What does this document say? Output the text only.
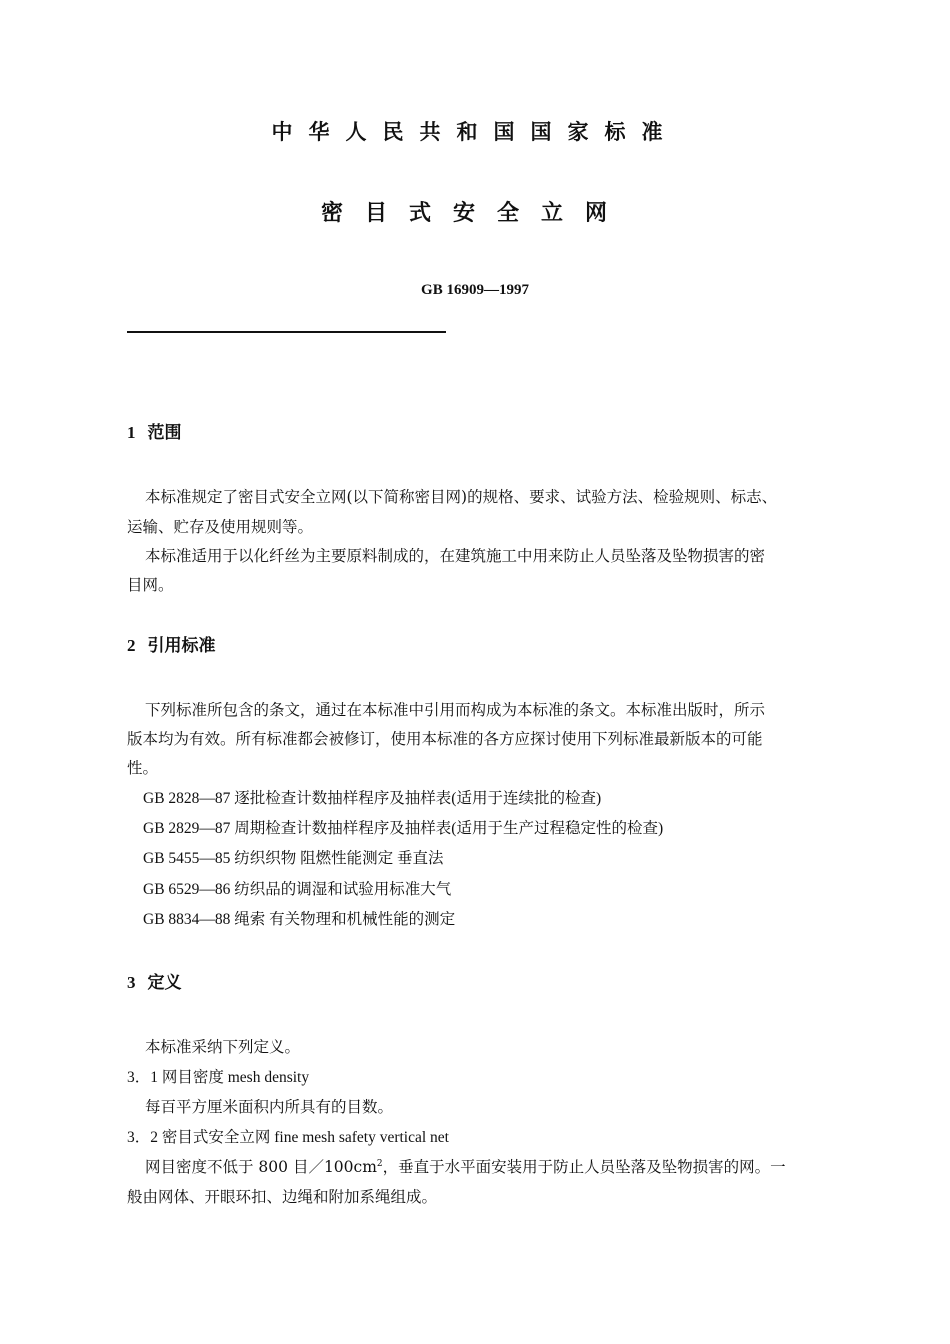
中华人民共和国国家标准
密目式安全立网
GB 16909—1997
1 范围
本标准规定了密目式安全立网(以下简称密目网)的规格、要求、试验方法、检验规则、标志、
运输、贮存及使用规则等。
本标准适用于以化纤丝为主要原料制成的，在建筑施工中用来防止人员坠落及坠物损害的密
目网。
2 引用标准
下列标准所包含的条文，通过在本标准中引用而构成为本标准的条文。本标准出版时，所示
版本均为有效。所有标准都会被修订，使用本标准的各方应探讨使用下列标准最新版本的可能
性。
GB 2828—87 逐批检查计数抽样程序及抽样表(适用于连续批的检查)
GB 2829—87 周期检查计数抽样程序及抽样表(适用于生产过程稳定性的检查)
GB 5455—85 纺织织物 阻燃性能测定 垂直法
GB 6529—86 纺织品的调湿和试验用标准大气
GB 8834—88 绳索 有关物理和机械性能的测定
3 定义
本标准采纳下列定义。
3．1 网目密度 mesh density
每百平方厘米面积内所具有的目数。
3．2 密目式安全立网 fine mesh safety vertical net
网目密度不低于 800 目$/100cm^2$，垂直于水平面安装用于防止人员坠落及坠物损害的网。一
般由网体、开眼环扣、边绳和附加系绳组成。
